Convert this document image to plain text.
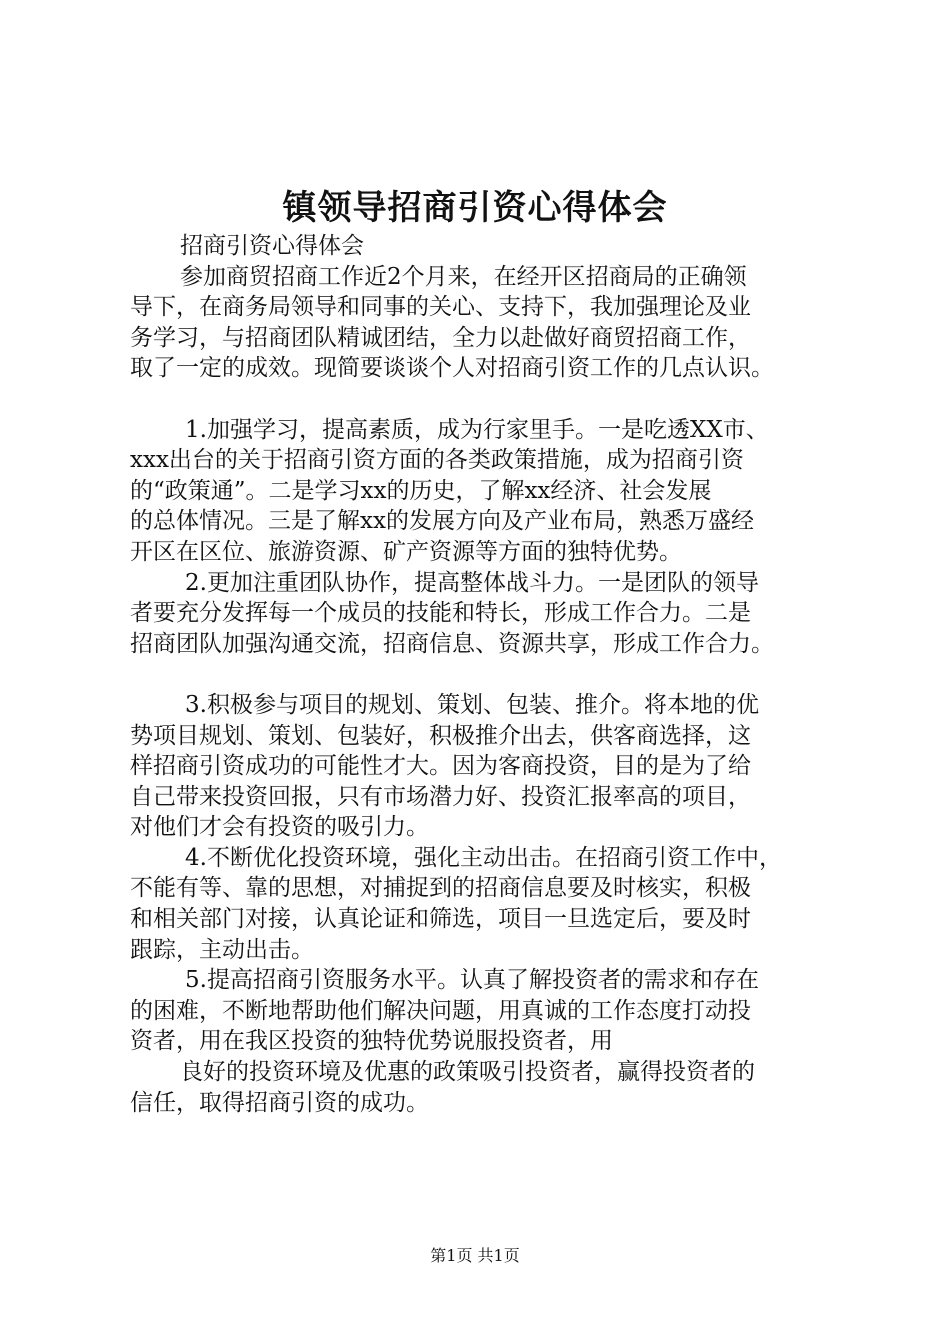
镇领导招商引资心得体会
招商引资心得体会
参加商贸招商工作近2个月来，在经开区招商局的正确领
导下，在商务局领导和同事的关心、支持下，我加强理论及业
务学习，与招商团队精诚团结，全力以赴做好商贸招商工作，
取了一定的成效。现简要谈谈个人对招商引资工作的几点认识。
1.加强学习，提高素质，成为行家里手。一是吃透XX市、
xxx出台的关于招商引资方面的各类政策措施，成为招商引资
的“政策通”。二是学习xx的历史，了解xx经济、社会发展
的总体情况。三是了解xx的发展方向及产业布局，熟悉万盛经
开区在区位、旅游资源、矿产资源等方面的独特优势。
2.更加注重团队协作，提高整体战斗力。一是团队的领导
者要充分发挥每一个成员的技能和特长，形成工作合力。二是
招商团队加强沟通交流，招商信息、资源共享，形成工作合力。
3.积极参与项目的规划、策划、包装、推介。将本地的优
势项目规划、策划、包装好，积极推介出去，供客商选择，这
样招商引资成功的可能性才大。因为客商投资，目的是为了给
自己带来投资回报，只有市场潜力好、投资汇报率高的项目，
对他们才会有投资的吸引力。
4.不断优化投资环境，强化主动出击。在招商引资工作中，
不能有等、靠的思想，对捕捉到的招商信息要及时核实，积极
和相关部门对接，认真论证和筛选，项目一旦选定后，要及时
跟踪，主动出击。
5.提高招商引资服务水平。认真了解投资者的需求和存在
的困难，不断地帮助他们解决问题，用真诚的工作态度打动投
资者，用在我区投资的独特优势说服投资者，用
良好的投资环境及优惠的政策吸引投资者，赢得投资者的
信任，取得招商引资的成功。
第1页 共1页
